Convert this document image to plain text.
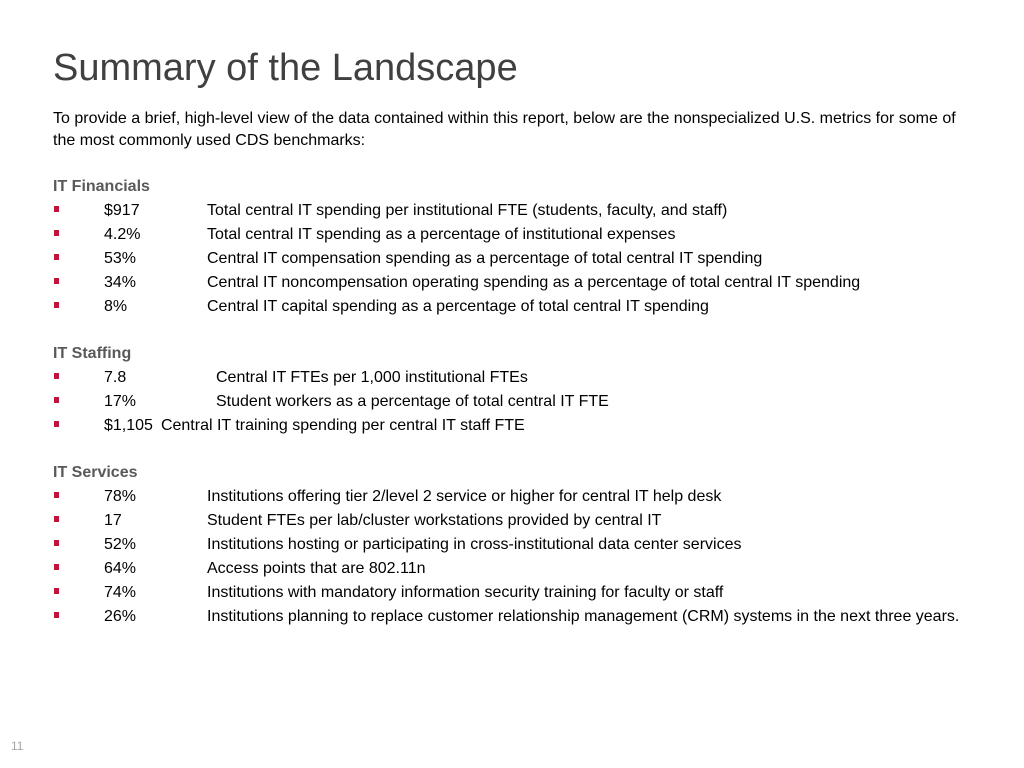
Summary of the Landscape

To provide a brief, high-level view of the data contained within this report, below are the nonspecialized U.S. metrics for some of the most commonly used CDS benchmarks:

IT Financials

$917	Total central IT spending per institutional FTE (students, faculty, and staff)
4.2%	Total central IT spending as a percentage of institutional expenses
53%	Central IT compensation spending as a percentage of total central IT spending
34%	Central IT noncompensation operating spending as a percentage of total central IT spending
8%	Central IT capital spending as a percentage of total central IT spending

IT Staffing

7.8	Central IT FTEs per 1,000 institutional FTEs
17%	Student workers as a percentage of total central IT FTE
$1,105 Central IT training spending per central IT staff FTE

IT Services

78%	Institutions offering tier 2/level 2 service or higher for central IT help desk
17	Student FTEs per lab/cluster workstations provided by central IT
52%	Institutions hosting or participating in cross-institutional data center services
64%	Access points that are 802.11n
74%	Institutions with mandatory information security training for faculty or staff
26%	Institutions planning to replace customer relationship management (CRM) systems in the next three years.
11
